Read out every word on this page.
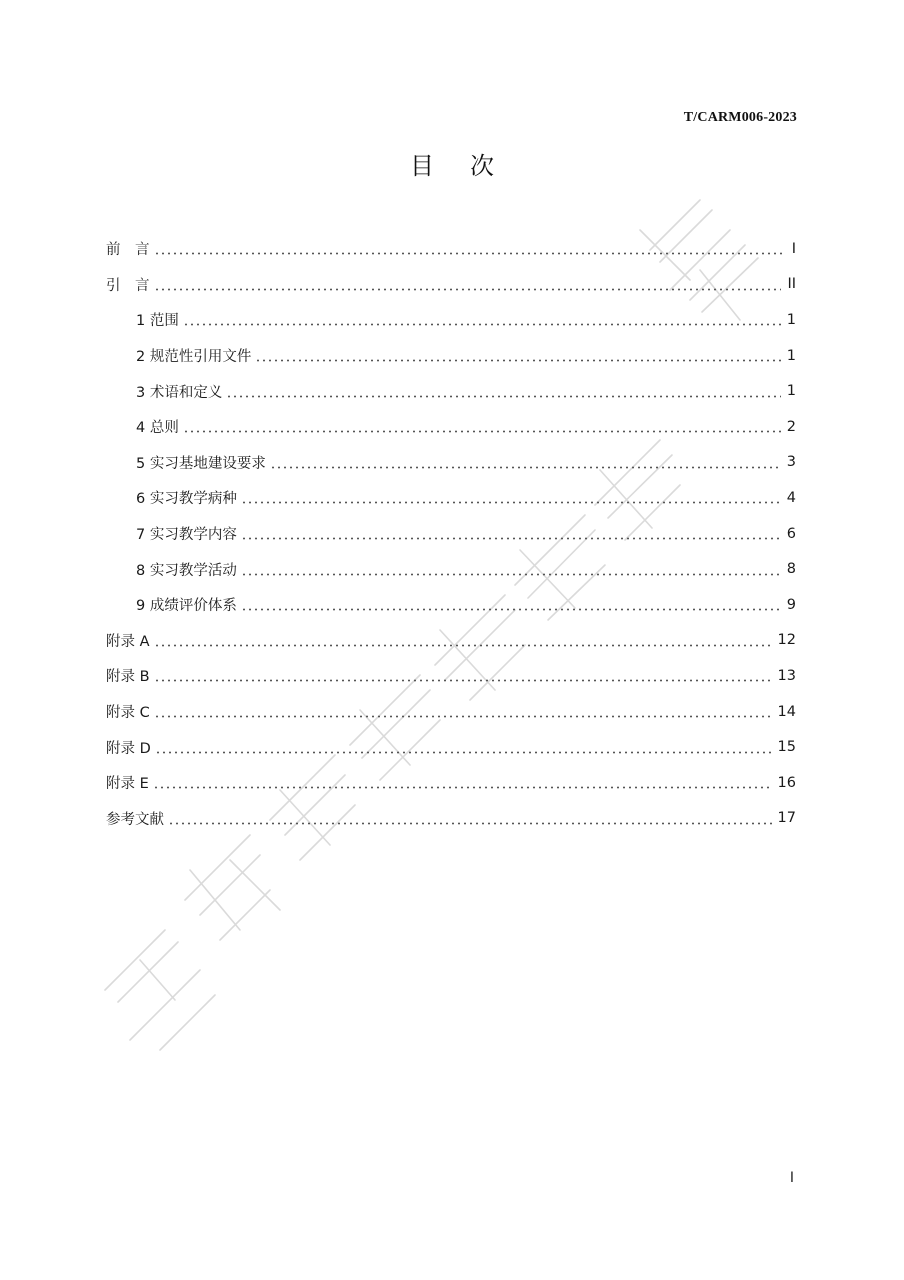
T/CARM006-2023
目 次
前　言	I
引　言	II
1 范围	1
2 规范性引用文件	1
3 术语和定义	1
4 总则	2
5 实习基地建设要求	3
6 实习教学病种	4
7 实习教学内容	6
8 实习教学活动	8
9 成绩评价体系	9
附录 A	12
附录 B	13
附录 C	14
附录 D	15
附录 E	16
参考文献	17
I
